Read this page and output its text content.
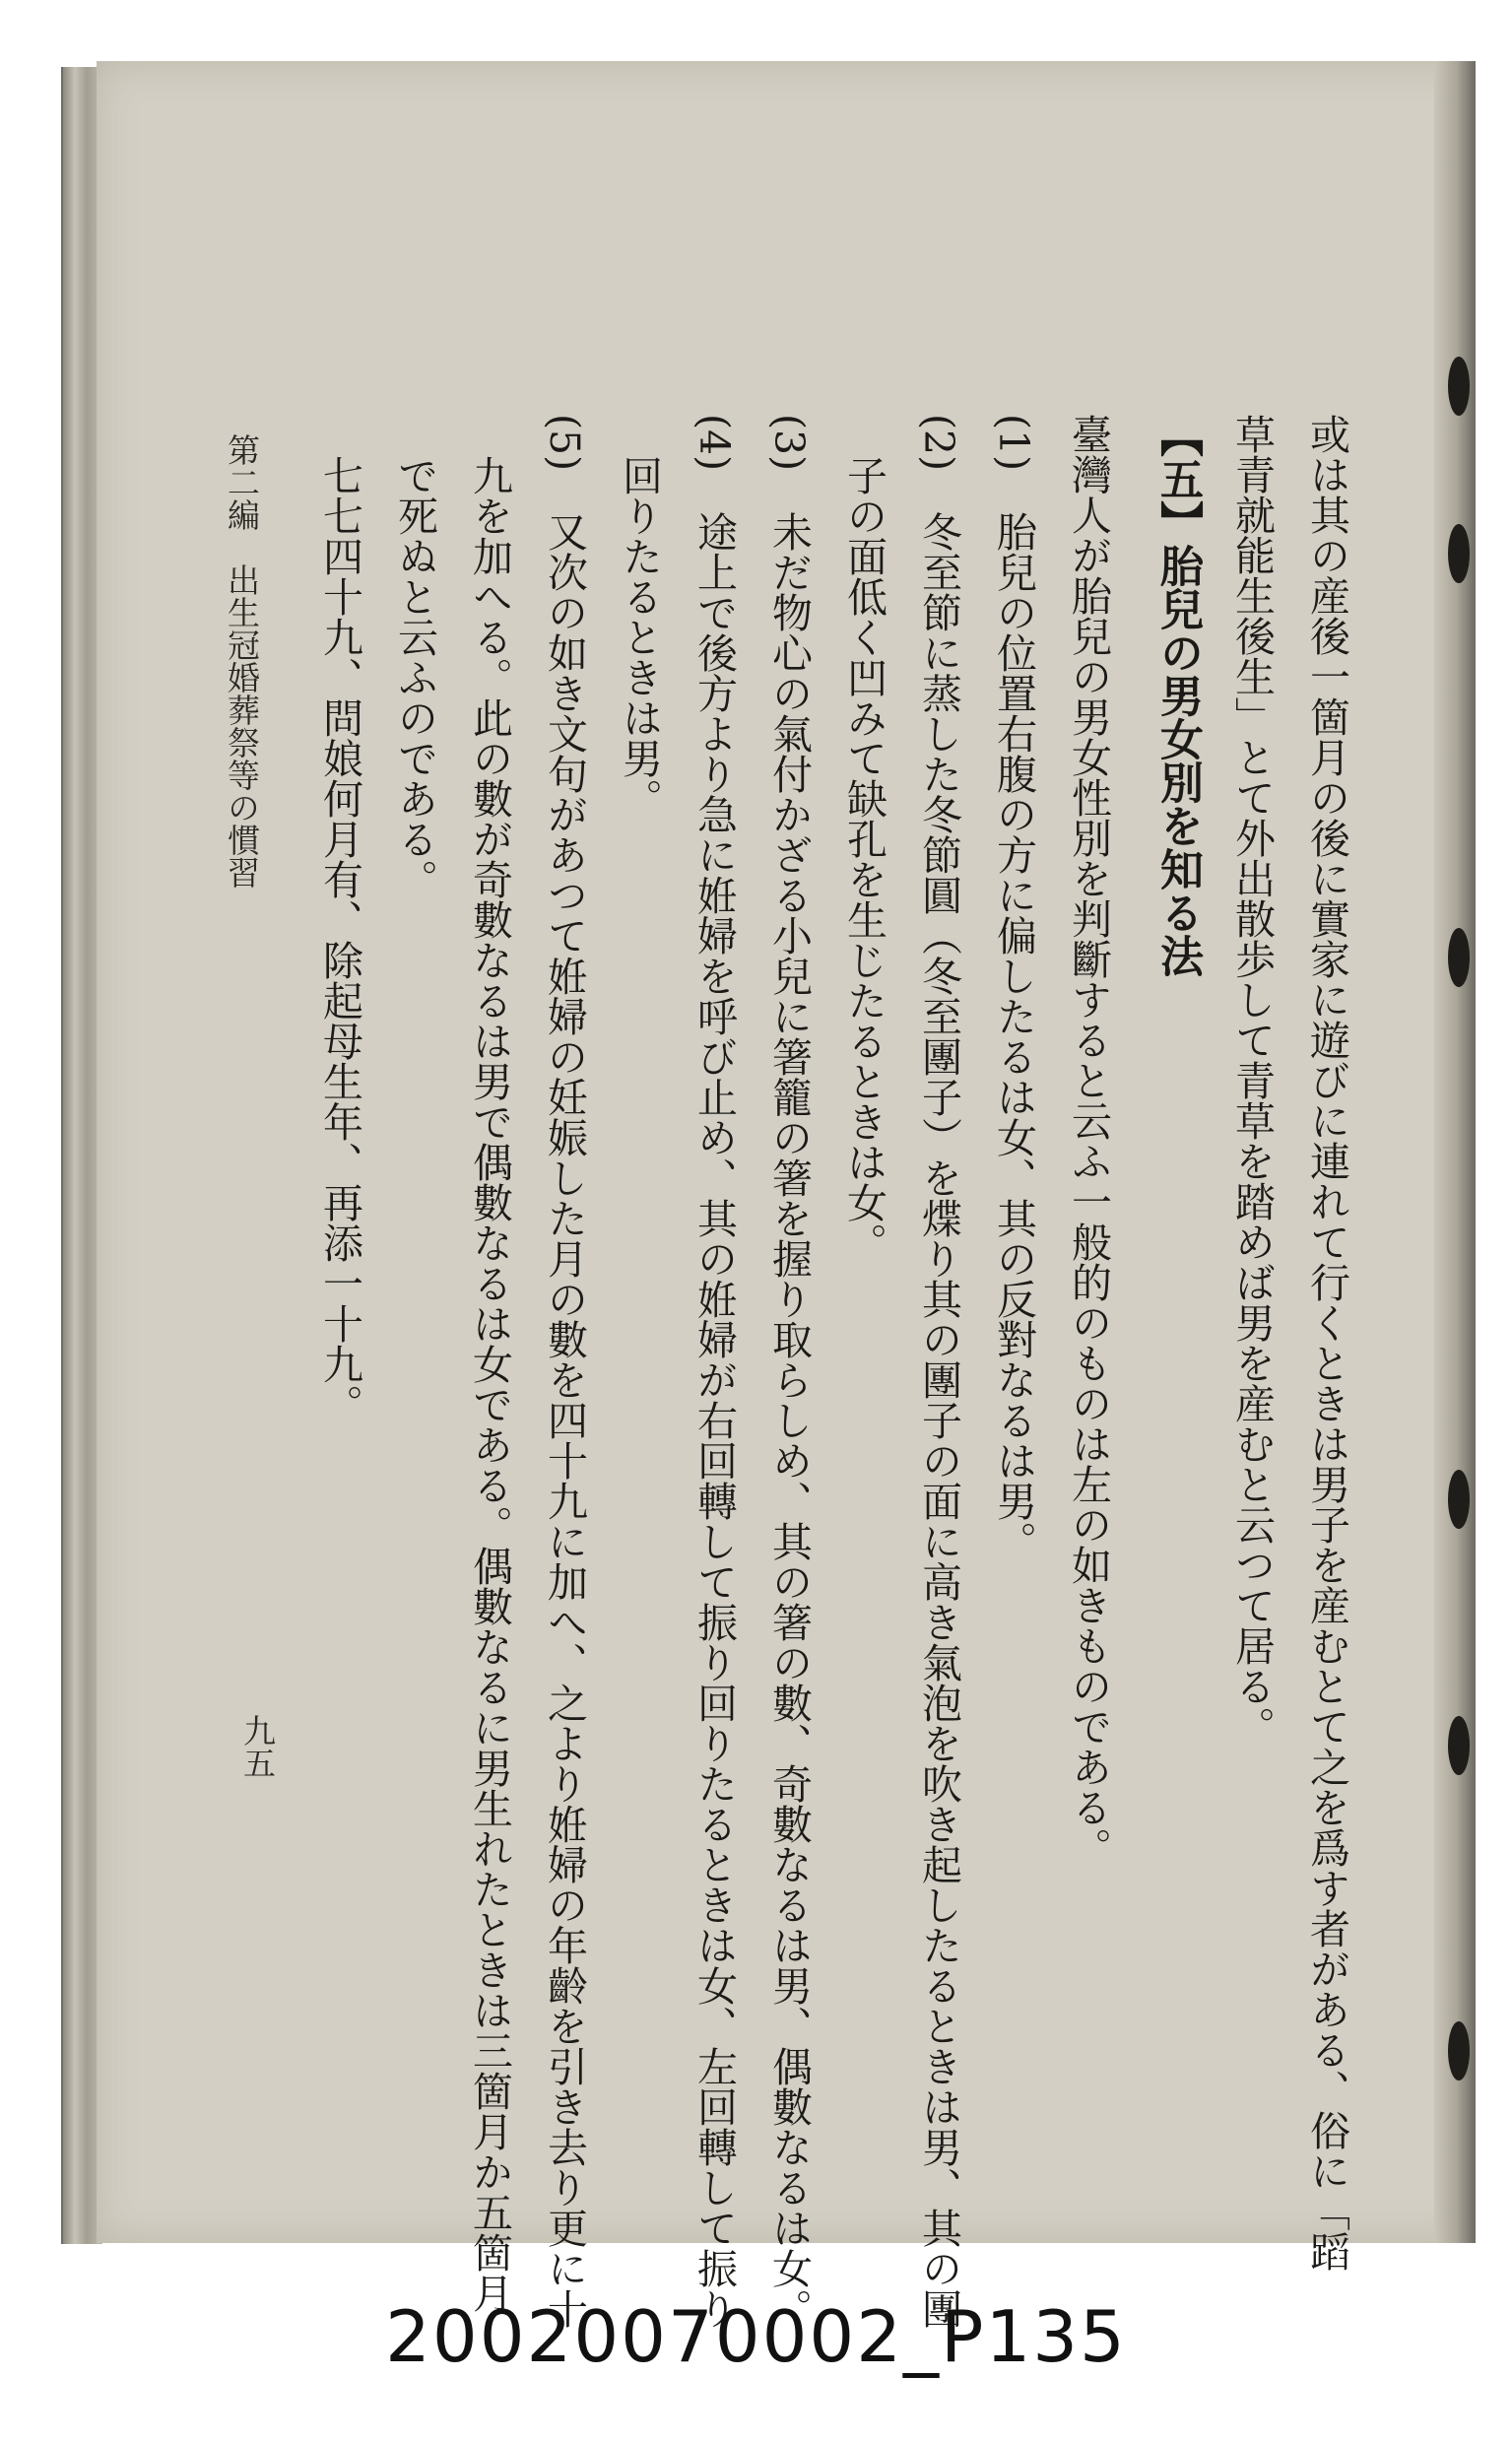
或は其の産後一箇月の後に實家に遊びに連れて行くときは男子を産むとて之を爲す者がある、俗に「蹈

草青就能生後生」とて外出散歩して青草を踏めば男を産むと云つて居る。

【五】胎兒の男女別を知る法

臺灣人が胎兒の男女性別を判斷すると云ふ一般的のものは左の如きものである。

(1)　胎兒の位置右腹の方に偏したるは女、其の反對なるは男。

(2)　冬至節に蒸した冬節圓（冬至團子）を煠り其の團子の面に高き氣泡を吹き起したるときは男、其の團

子の面低く凹みて缺孔を生じたるときは女。

(3)　未だ物心の氣付かざる小兒に箸籠の箸を握り取らしめ、其の箸の數、奇數なるは男、偶數なるは女。

(4)　途上で後方より急に姙婦を呼び止め、其の姙婦が右回轉して振り回りたるときは女、左回轉して振り

回りたるときは男。

(5)　又次の如き文句があつて姙婦の妊娠した月の數を四十九に加へ、之より姙婦の年齡を引き去り更に十

九を加へる。此の數が奇數なるは男で偶數なるは女である。偶數なるに男生れたときは三箇月か五箇月

で死ぬと云ふのである。

七七四十九、問娘何月有、除起母生年、再添一十九。

第二編　出生冠婚葬祭等の慣習
九五
20020070002_P135
